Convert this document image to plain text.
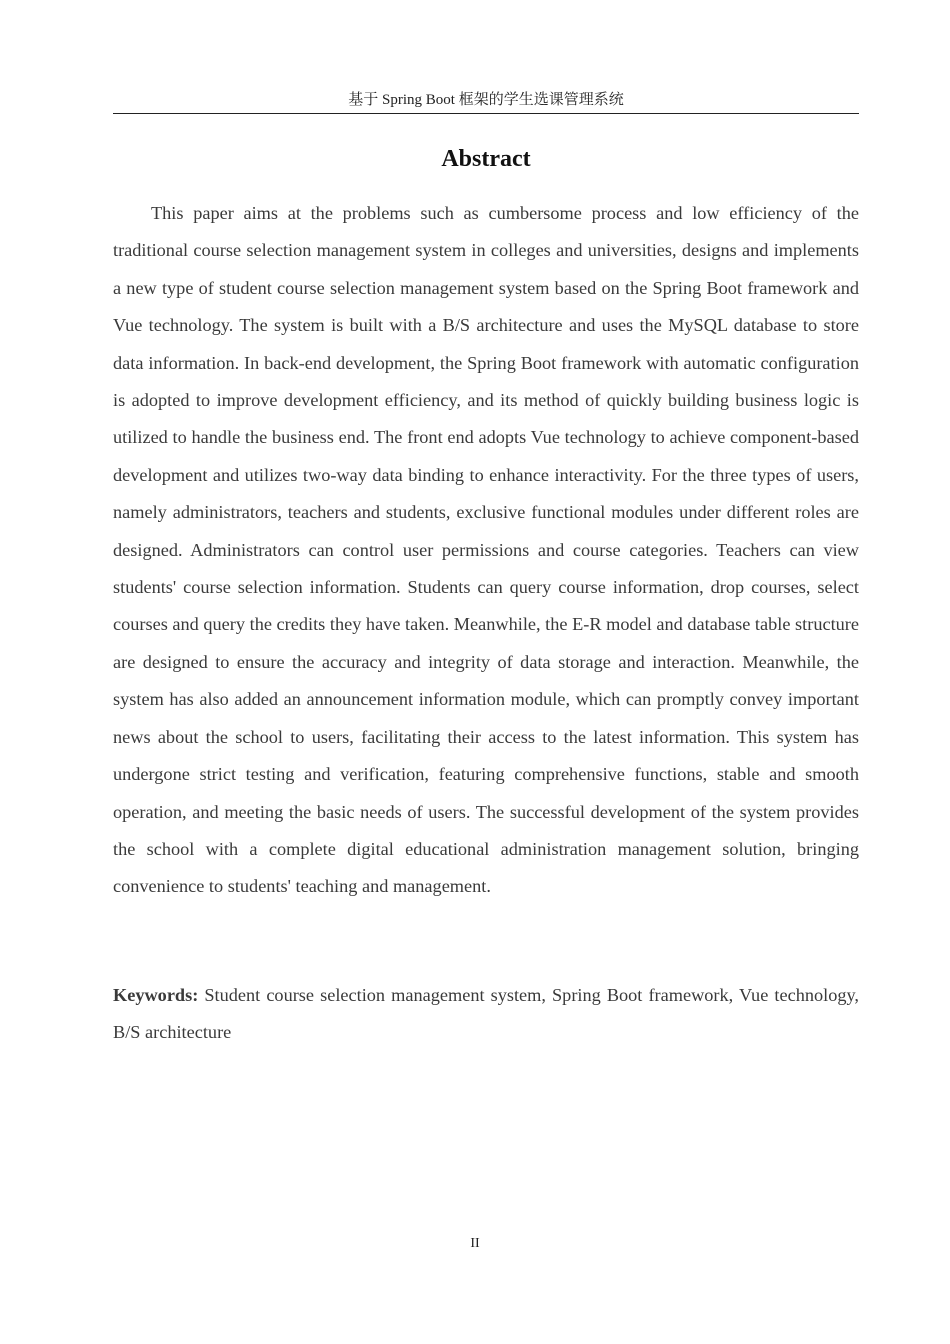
基于 Spring Boot 框架的学生选课管理系统
Abstract

This paper aims at the problems such as cumbersome process and low efficiency of the traditional course selection management system in colleges and universities, designs and implements a new type of student course selection management system based on the Spring Boot framework and Vue technology. The system is built with a B/S architecture and uses the MySQL database to store data information. In back-end development, the Spring Boot framework with automatic configuration is adopted to improve development efficiency, and its method of quickly building business logic is utilized to handle the business end. The front end adopts Vue technology to achieve component-based development and utilizes two-way data binding to enhance interactivity. For the three types of users, namely administrators, teachers and students, exclusive functional modules under different roles are designed. Administrators can control user permissions and course categories. Teachers can view students' course selection information. Students can query course information, drop courses, select courses and query the credits they have taken. Meanwhile, the E-R model and database table structure are designed to ensure the accuracy and integrity of data storage and interaction. Meanwhile, the system has also added an announcement information module, which can promptly convey important news about the school to users, facilitating their access to the latest information. This system has undergone strict testing and verification, featuring comprehensive functions, stable and smooth operation, and meeting the basic needs of users. The successful development of the system provides the school with a complete digital educational administration management solution, bringing convenience to students' teaching and management.

Keywords: Student course selection management system, Spring Boot framework, Vue technology, B/S architecture

II
